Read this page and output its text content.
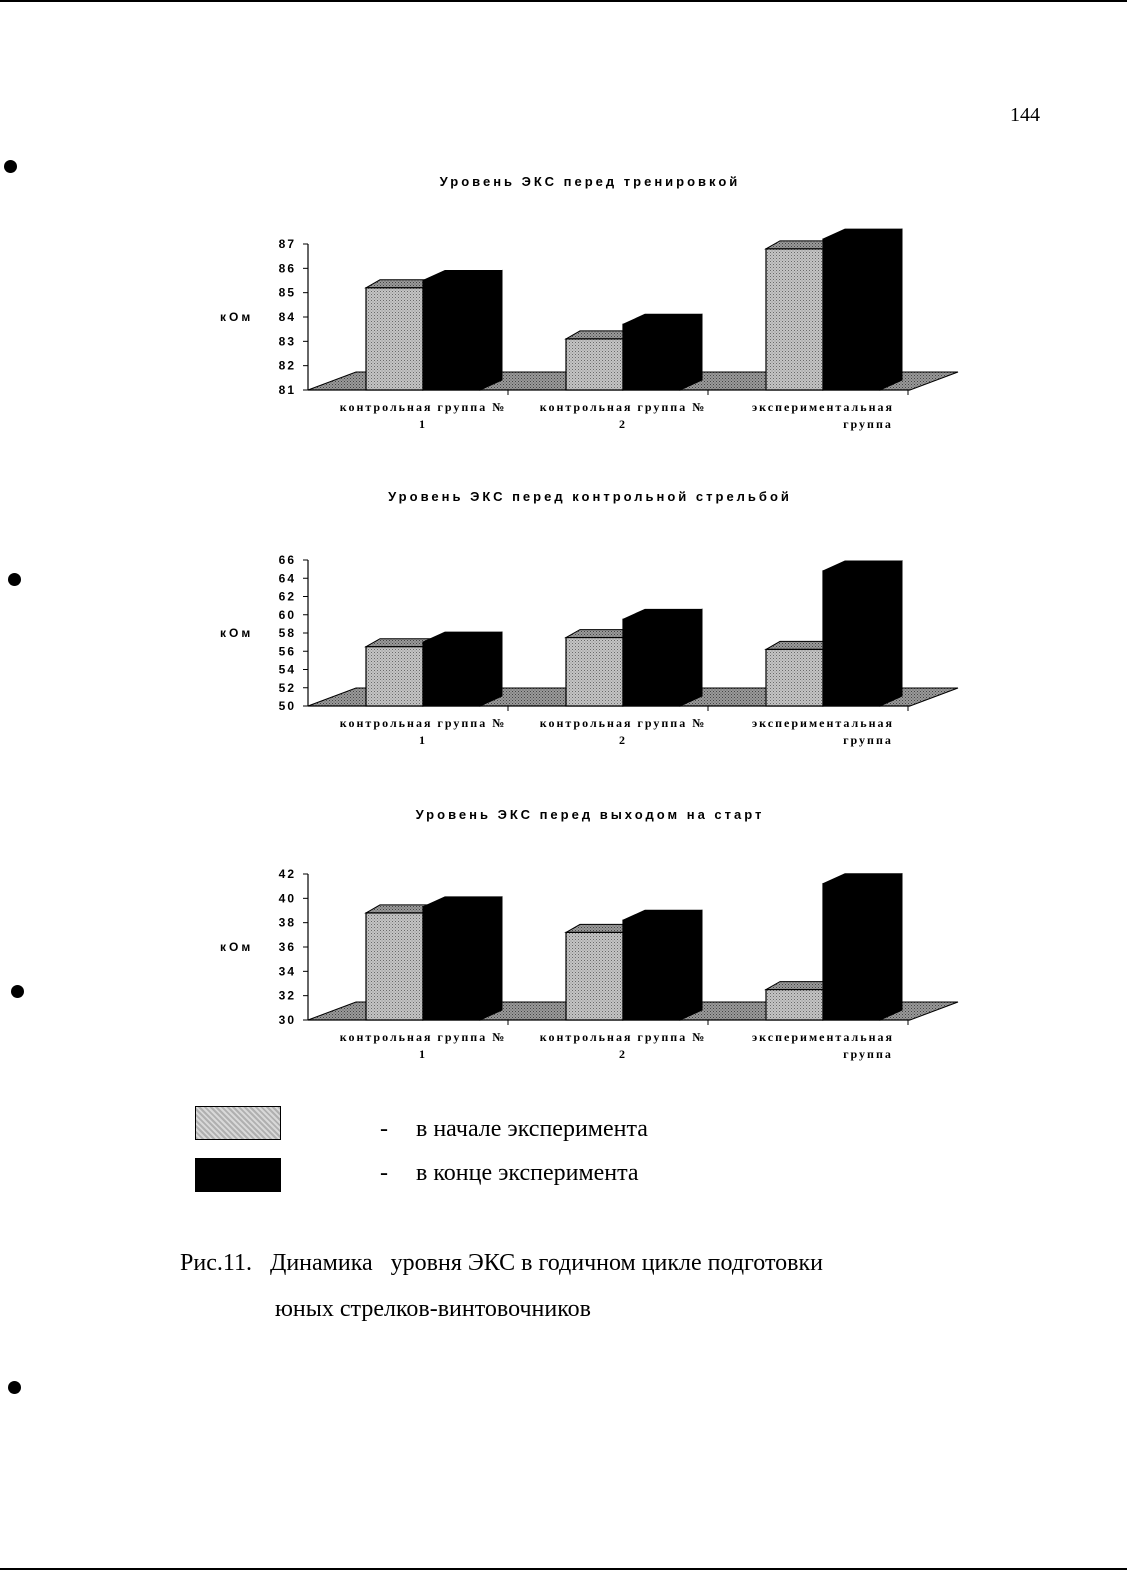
144
Уровень ЭКС перед тренировкой
81
82
83
84
85
86
87
кОм
контрольная группа №
1
контрольная группа №
2
экспериментальная
группа
Уровень ЭКС перед контрольной стрельбой
50
52
54
56
58
60
62
64
66
кОм
контрольная группа №
1
контрольная группа №
2
экспериментальная
группа
Уровень ЭКС перед выходом на старт
30
32
34
36
38
40
42
кОм
контрольная группа №
1
контрольная группа №
2
экспериментальная
группа
- в начале эксперимента
- в конце эксперимента
Рис.11.   Динамика   уровня ЭКС в годичном цикле подготовки
юных стрелков-винтовочников
